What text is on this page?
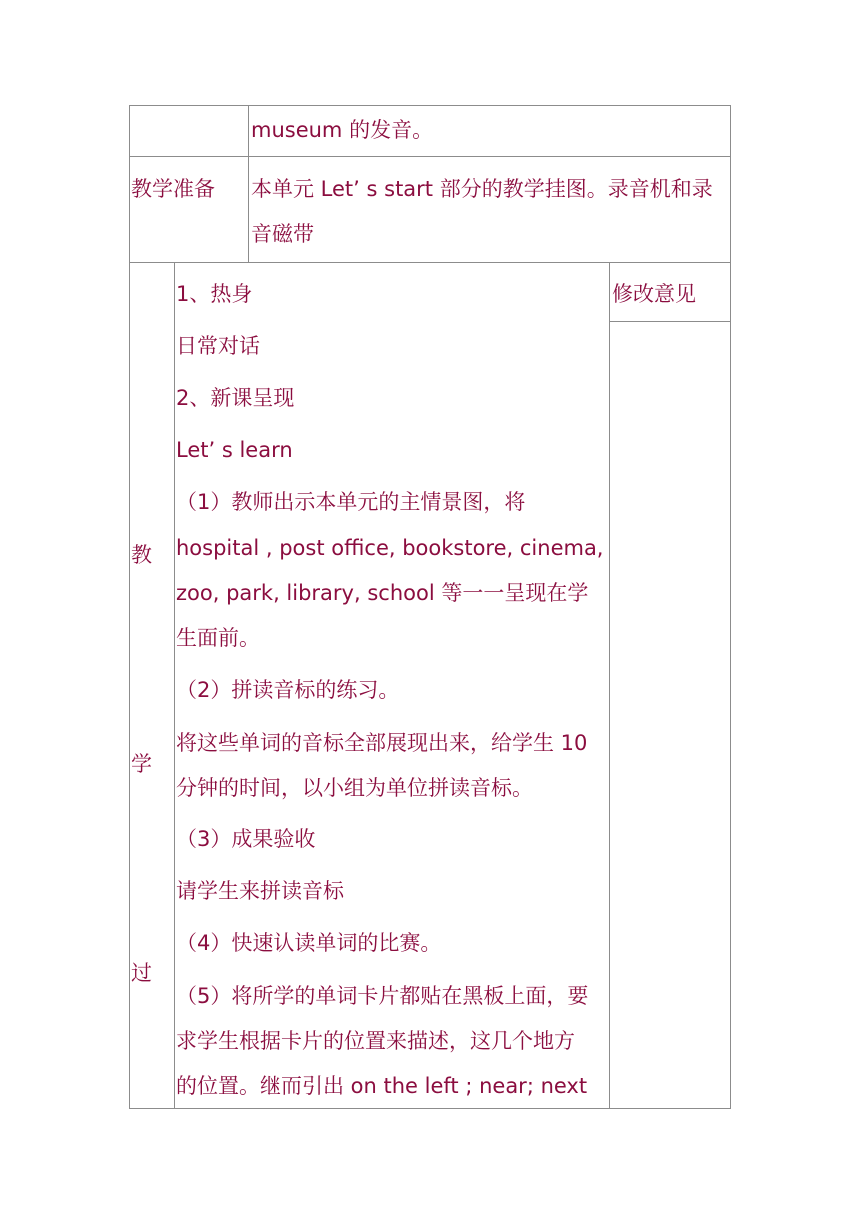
museum 的发音。
教学准备 本单元 Let’ s start 部分的教学挂图。录音机和录
音磁带
教
学
过
修改意见
1、热身
日常对话
2、新课呈现
Let’ s learn
（1）教师出示本单元的主情景图，将
hospital , post office, bookstore, cinema,
zoo, park, library, school 等一一呈现在学
生面前。
（2）拼读音标的练习。
将这些单词的音标全部展现出来，给学生 10
分钟的时间，以小组为单位拼读音标。
（3）成果验收
请学生来拼读音标
（4）快速认读单词的比赛。
（5）将所学的单词卡片都贴在黑板上面，要
求学生根据卡片的位置来描述，这几个地方
的位置。继而引出 on the left ; near; next
